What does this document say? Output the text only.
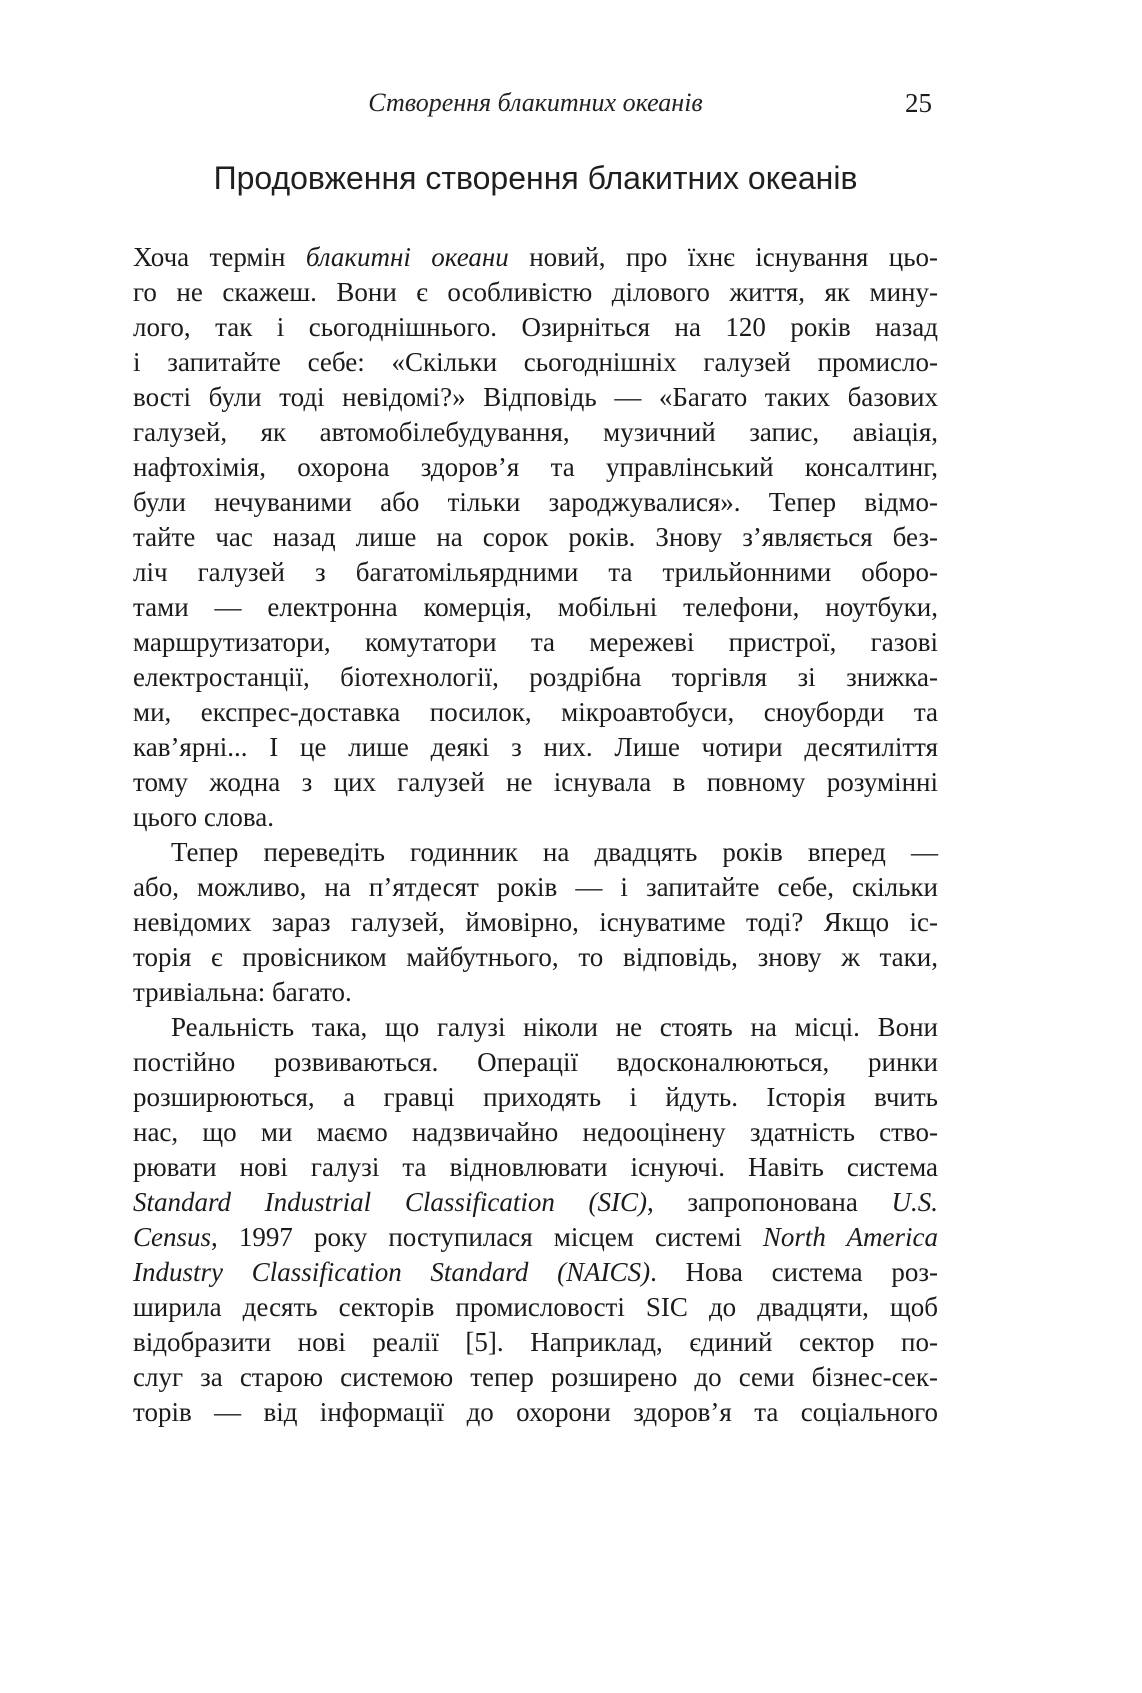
Створення блакитних океанів	25
Продовження створення блакитних океанів
Хоча термін блакитні океани новий, про їхнє існування цьо-
го не скажеш. Вони є особливістю ділового життя, як мину-
лого, так і сьогоднішнього. Озирніться на 120 років назад
і запитайте себе: «Скільки сьогоднішніх галузей промисло-
вості були тоді невідомі?» Відповідь — «Багато таких базових
галузей, як автомобілебудування, музичний запис, авіація,
нафтохімія, охорона здоров’я та управлінський консалтинг,
були нечуваними або тільки зароджувалися». Тепер відмо-
тайте час назад лише на сорок років. Знову з’являється без-
ліч галузей з багатомільярдними та трильйонними оборо-
тами — електронна комерція, мобільні телефони, ноутбуки,
маршрутизатори, комутатори та мережеві пристрої, газові
електростанції, біотехнології, роздрібна торгівля зі знижка-
ми, експрес-доставка посилок, мікроавтобуси, сноуборди та
кав’ярні... І це лише деякі з них. Лише чотири десятиліття
тому жодна з цих галузей не існувала в повному розумінні
цього слова.
Тепер переведіть годинник на двадцять років вперед —
або, можливо, на п’ятдесят років — і запитайте себе, скільки
невідомих зараз галузей, ймовірно, існуватиме тоді? Якщо іс-
торія є провісником майбутнього, то відповідь, знову ж таки,
тривіальна: багато.
Реальність така, що галузі ніколи не стоять на місці. Вони
постійно розвиваються. Операції вдосконалюються, ринки
розширюються, а гравці приходять і йдуть. Історія вчить
нас, що ми маємо надзвичайно недооцінену здатність ство-
рювати нові галузі та відновлювати існуючі. Навіть система
Standard Industrial Classification (SIC), запропонована U.S.
Census, 1997 року поступилася місцем системі North America
Industry Classification Standard (NAICS). Нова система роз-
ширила десять секторів промисловості SIC до двадцяти, щоб
відобразити нові реалії [5]. Наприклад, єдиний сектор по-
слуг за старою системою тепер розширено до семи бізнес-сек-
торів — від інформації до охорони здоров’я та соціального
